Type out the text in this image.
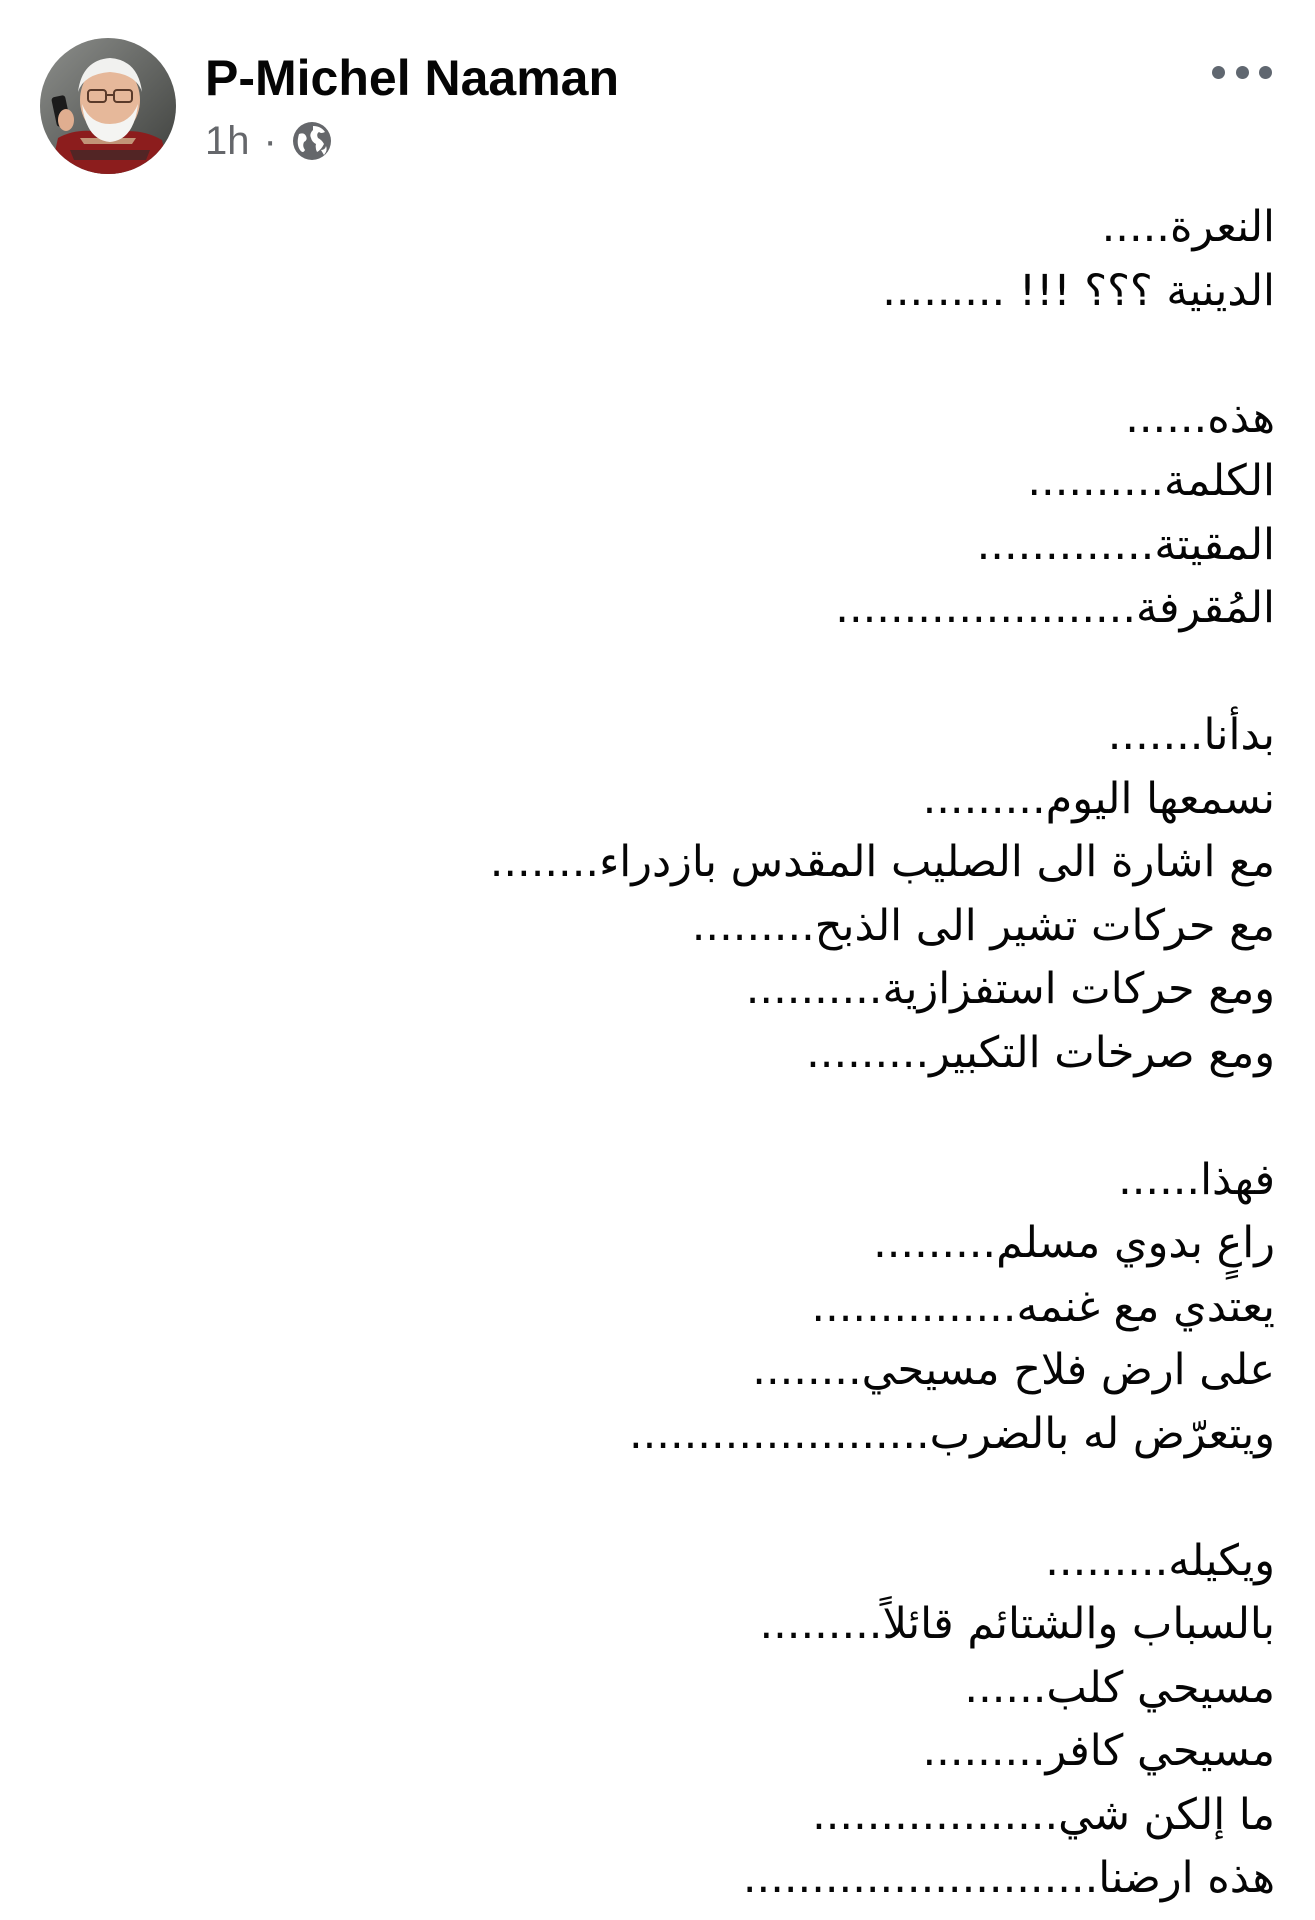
P-Michel Naaman
1h ·
النعرة.....
الدينية ؟؟؟ !!! .........
هذه......
الكلمة..........
المقيتة.............
المُقرفة......................
بدأنا.......
نسمعها اليوم.........
مع اشارة الى الصليب المقدس بازدراء........
مع حركات تشير الى الذبح.........
ومع حركات استفزازية..........
ومع صرخات التكبير.........
فهذا......
راعٍ بدوي مسلم.........
يعتدي مع غنمه...............
على ارض فلاح مسيحي........
ويتعرّض له بالضرب......................
ويكيله.........
بالسباب والشتائم قائلاً.........
مسيحي كلب......
مسيحي كافر.........
ما إلكن شي..................
هذه ارضنا..........................
